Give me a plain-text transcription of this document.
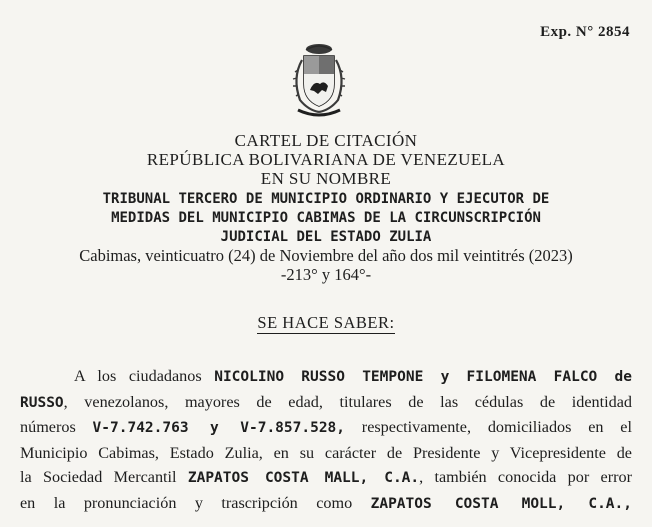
Exp. N° 2854
CARTEL DE CITACIÓN
REPÚBLICA BOLIVARIANA DE VENEZUELA
EN SU NOMBRE
TRIBUNAL TERCERO DE MUNICIPIO ORDINARIO Y EJECUTOR DE
MEDIDAS DEL MUNICIPIO CABIMAS DE LA CIRCUNSCRIPCIÓN
JUDICIAL DEL ESTADO ZULIA
Cabimas, veinticuatro (24) de Noviembre del año dos mil veintitrés (2023)
-213° y 164°-
SE HACE SABER:
A los ciudadanos NICOLINO RUSSO TEMPONE y FILOMENA FALCO de
RUSSO, venezolanos, mayores de edad, titulares de las cédulas de identidad
números V-7.742.763 y V-7.857.528, respectivamente, domiciliados en el
Municipio Cabimas, Estado Zulia, en su carácter de Presidente y Vicepresidente de
la Sociedad Mercantil ZAPATOS COSTA MALL, C.A., también conocida por error
en la pronunciación y trascripción como ZAPATOS COSTA MOLL, C.A.,
